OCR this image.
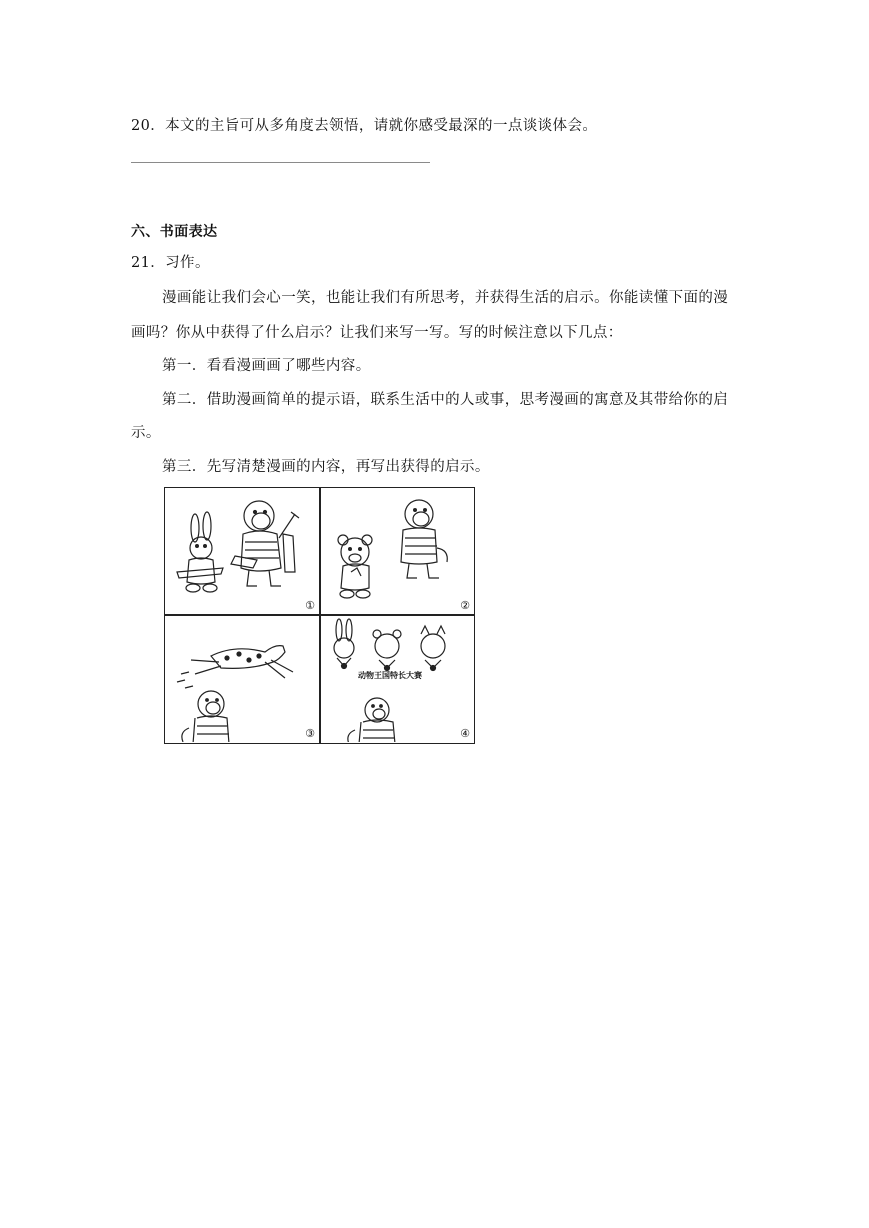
20．本文的主旨可从多角度去领悟，请就你感受最深的一点谈谈体会。
六、书面表达
21．习作。
漫画能让我们会心一笑，也能让我们有所思考，并获得生活的启示。你能读懂下面的漫
画吗？你从中获得了什么启示？让我们来写一写。写的时候注意以下几点：
第一．看看漫画画了哪些内容。
第二．借助漫画简单的提示语，联系生活中的人或事，思考漫画的寓意及其带给你的启
示。
第三．先写清楚漫画的内容，再写出获得的启示。
①	②
③
动物王国特长大赛
④
